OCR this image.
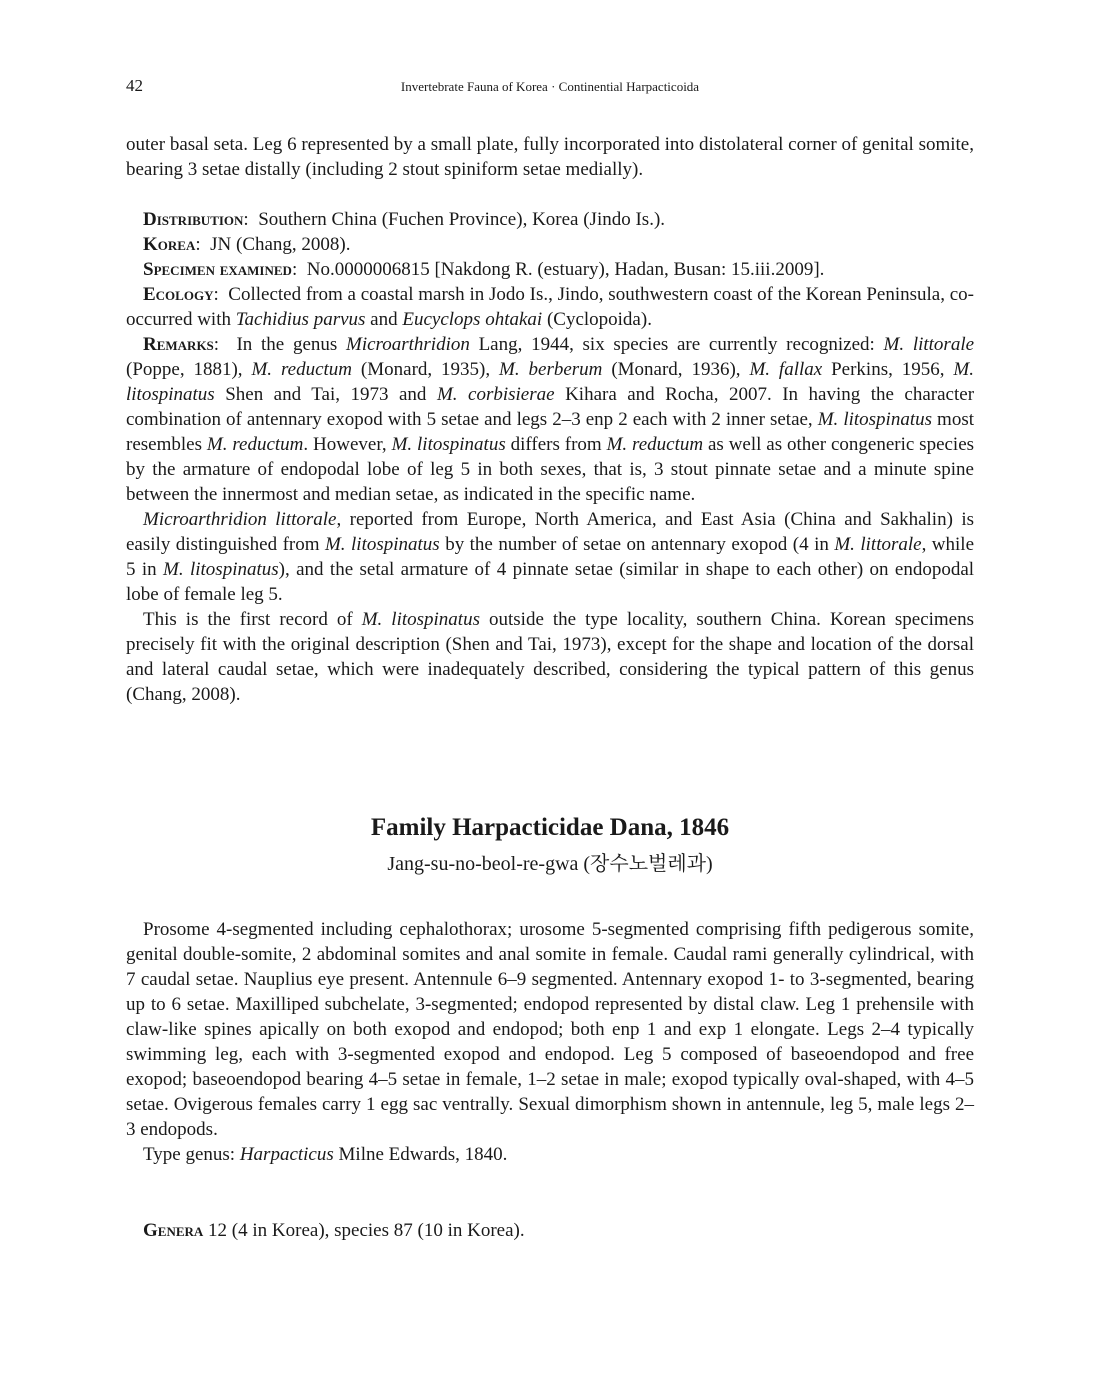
42	Invertebrate Fauna of Korea · Continential Harpacticoida

outer basal seta. Leg 6 represented by a small plate, fully incorporated into distolateral corner of genital somite, bearing 3 setae distally (including 2 stout spiniform setae medially).

Distribution:  Southern China (Fuchen Province), Korea (Jindo Is.).

Korea:  JN (Chang, 2008).

Specimen examined:  No.0000006815 [Nakdong R. (estuary), Hadan, Busan: 15.iii.2009].

Ecology:  Collected from a coastal marsh in Jodo Is., Jindo, southwestern coast of the Korean Peninsula, co-occurred with Tachidius parvus and Eucyclops ohtakai (Cyclopoida).

Remarks:  In the genus Microarthridion Lang, 1944, six species are currently recognized: M. littorale (Poppe, 1881), M. reductum (Monard, 1935), M. berberum (Monard, 1936), M. fallax Perkins, 1956, M. litospinatus Shen and Tai, 1973 and M. corbisierae Kihara and Rocha, 2007. In having the character combination of antennary exopod with 5 setae and legs 2–3 enp 2 each with 2 inner setae, M. litospinatus most resembles M. reductum. However, M. litospinatus differs from M. reductum as well as other congeneric species by the armature of endopodal lobe of leg 5 in both sexes, that is, 3 stout pinnate setae and a minute spine between the innermost and median setae, as indicated in the specific name.

Microarthridion littorale, reported from Europe, North America, and East Asia (China and Sakhalin) is easily distinguished from M. litospinatus by the number of setae on antennary exopod (4 in M. littorale, while 5 in M. litospinatus), and the setal armature of 4 pinnate setae (similar in shape to each other) on endopodal lobe of female leg 5.

This is the first record of M. litospinatus outside the type locality, southern China. Korean specimens precisely fit with the original description (Shen and Tai, 1973), except for the shape and location of the dorsal and lateral caudal setae, which were inadequately described, considering the typical pattern of this genus (Chang, 2008).

Family Harpacticidae Dana, 1846
Jang-su-no-beol-re-gwa (장수노벌레과)

Prosome 4-segmented including cephalothorax; urosome 5-segmented comprising fifth pedigerous somite, genital double-somite, 2 abdominal somites and anal somite in female. Caudal rami generally cylindrical, with 7 caudal setae. Nauplius eye present. Antennule 6–9 segmented. Antennary exopod 1- to 3-segmented, bearing up to 6 setae. Maxilliped subchelate, 3-segmented; endopod represented by distal claw. Leg 1 prehensile with claw-like spines apically on both exopod and endopod; both enp 1 and exp 1 elongate. Legs 2–4 typically swimming leg, each with 3-segmented exopod and endopod. Leg 5 composed of baseoendopod and free exopod; baseoendopod bearing 4–5 setae in female, 1–2 setae in male; exopod typically oval-shaped, with 4–5 setae. Ovigerous females carry 1 egg sac ventrally. Sexual dimorphism shown in antennule, leg 5, male legs 2–3 endopods.

Type genus: Harpacticus Milne Edwards, 1840.

Genera 12 (4 in Korea), species 87 (10 in Korea).
